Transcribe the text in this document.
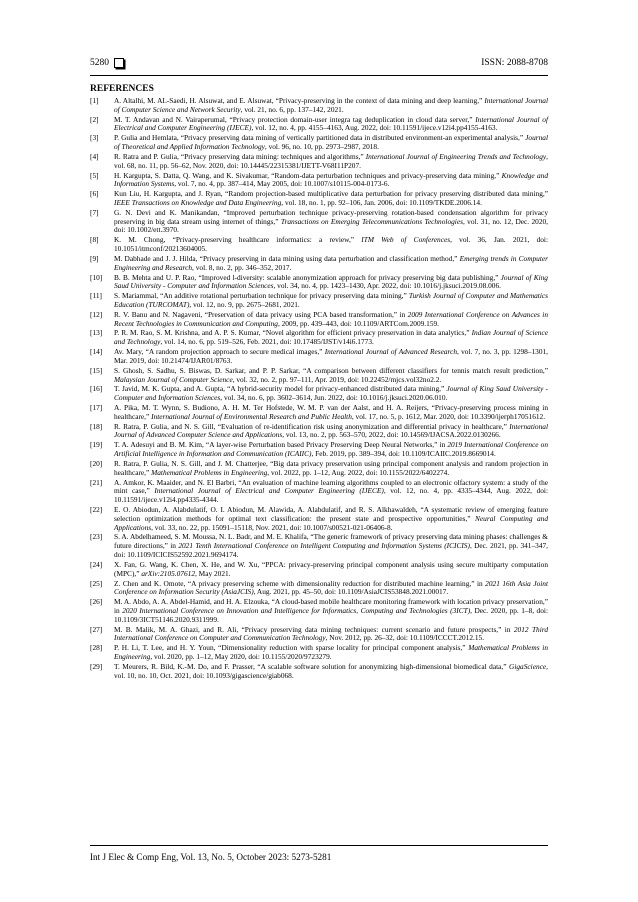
5280	ISSN: 2088-8708
REFERENCES
[1] A. Altalhi, M. AL-Saedi, H. Alsuwat, and E. Alsuwat, “Privacy-preserving in the context of data mining and deep learning,” International Journal of Computer Science and Network Security, vol. 21, no. 6, pp. 137–142, 2021.
[2] M. T. Andavan and N. Vairaperumal, “Privacy protection domain-user integra tag deduplication in cloud data server,” International Journal of Electrical and Computer Engineering (IJECE), vol. 12, no. 4, pp. 4155–4163, Aug. 2022, doi: 10.11591/ijece.v12i4.pp4155-4163.
[3] P. Gulia and Hemlata, “Privacy preserving data mining of vertically partitioned data in distributed environment-an experimental analysis,” Journal of Theoretical and Applied Information Technology, vol. 96, no. 10, pp. 2973–2987, 2018.
[4] R. Ratra and P. Gulia, “Privacy preserving data mining: techniques and algorithms,” International Journal of Engineering Trends and Technology, vol. 68, no. 11, pp. 56–62, Nov. 2020, doi: 10.14445/22315381/IJETT-V68I11P207.
[5] H. Kargupta, S. Datta, Q. Wang, and K. Sivakumar, “Random-data perturbation techniques and privacy-preserving data mining,” Knowledge and Information Systems, vol. 7, no. 4, pp. 387–414, May 2005, doi: 10.1007/s10115-004-0173-6.
[6] Kun Liu, H. Kargupta, and J. Ryan, “Random projection-based multiplicative data perturbation for privacy preserving distributed data mining,” IEEE Transactions on Knowledge and Data Engineering, vol. 18, no. 1, pp. 92–106, Jan. 2006, doi: 10.1109/TKDE.2006.14.
[7] G. N. Devi and K. Manikandan, “Improved perturbation technique privacy-preserving rotation-based condensation algorithm for privacy preserving in big data stream using internet of things,” Transactions on Emerging Telecommunications Technologies, vol. 31, no. 12, Dec. 2020, doi: 10.1002/ett.3970.
[8] K. M. Chong, “Privacy-preserving healthcare informatics: a review,” ITM Web of Conferences, vol. 36, Jan. 2021, doi: 10.1051/itmconf/20213604005.
[9] M. Dabhade and J. J. Hilda, “Privacy preserving in data mining using data perturbation and classification method,” Emerging trends in Computer Engineering and Research, vol. 8, no. 2, pp. 346–352, 2017.
[10] B. B. Mehta and U. P. Rao, “Improved l-diversity: scalable anonymization approach for privacy preserving big data publishing,” Journal of King Saud University - Computer and Information Sciences, vol. 34, no. 4, pp. 1423–1430, Apr. 2022, doi: 10.1016/j.jksuci.2019.08.006.
[11] S. Mariammal, “An additive rotational perturbation technique for privacy preserving data mining,” Turkish Journal of Computer and Mathematics Education (TURCOMAT), vol. 12, no. 9, pp. 2675–2681, 2021.
[12] R. V. Banu and N. Nagaveni, “Preservation of data privacy using PCA based transformation,” in 2009 International Conference on Advances in Recent Technologies in Communication and Computing, 2009, pp. 439–443, doi: 10.1109/ARTCom.2009.159.
[13] P. R. M. Rao, S. M. Krishna, and A. P. S. Kumar, “Novel algorithm for efficient privacy preservation in data analytics,” Indian Journal of Science and Technology, vol. 14, no. 6, pp. 519–526, Feb. 2021, doi: 10.17485/IJST/v14i6.1773.
[14] Av. Mary, “A random projection approach to secure medical images,” International Journal of Advanced Research, vol. 7, no. 3, pp. 1298–1301, Mar. 2019, doi: 10.21474/IJAR01/8763.
[15] S. Ghosh, S. Sadhu, S. Biswas, D. Sarkar, and P. P. Sarkar, “A comparison between different classifiers for tennis match result prediction,” Malaysian Journal of Computer Science, vol. 32, no. 2, pp. 97–111, Apr. 2019, doi: 10.22452/mjcs.vol32no2.2.
[16] T. Javid, M. K. Gupta, and A. Gupta, “A hybrid-security model for privacy-enhanced distributed data mining,” Journal of King Saud University - Computer and Information Sciences, vol. 34, no. 6, pp. 3602–3614, Jun. 2022, doi: 10.1016/j.jksuci.2020.06.010.
[17] A. Pika, M. T. Wynn, S. Budiono, A. H. M. Ter Hofstede, W. M. P. van der Aalst, and H. A. Reijers, “Privacy-preserving process mining in healthcare,” International Journal of Environmental Research and Public Health, vol. 17, no. 5, p. 1612, Mar. 2020, doi: 10.3390/ijerph17051612.
[18] R. Ratra, P. Gulia, and N. S. Gill, “Evaluation of re-identification risk using anonymization and differential privacy in healthcare,” International Journal of Advanced Computer Science and Applications, vol. 13, no. 2, pp. 563–570, 2022, doi: 10.14569/IJACSA.2022.0130266.
[19] T. A. Adesuyi and B. M. Kim, “A layer-wise Perturbation based Privacy Preserving Deep Neural Networks,” in 2019 International Conference on Artificial Intelligence in Information and Communication (ICAIIC), Feb. 2019, pp. 389–394, doi: 10.1109/ICAIIC.2019.8669014.
[20] R. Ratra, P. Gulia, N. S. Gill, and J. M. Chatterjee, “Big data privacy preservation using principal component analysis and random projection in healthcare,” Mathematical Problems in Engineering, vol. 2022, pp. 1–12, Aug. 2022, doi: 10.1155/2022/6402274.
[21] A. Amkor, K. Maaider, and N. El Barbri, “An evaluation of machine learning algorithms coupled to an electronic olfactory system: a study of the mint case,” International Journal of Electrical and Computer Engineering (IJECE), vol. 12, no. 4, pp. 4335–4344, Aug. 2022, doi: 10.11591/ijece.v12i4.pp4335-4344.
[22] E. O. Abiodun, A. Alabdulatif, O. I. Abiodun, M. Alawida, A. Alabdulatif, and R. S. Alkhawaldeh, “A systematic review of emerging feature selection optimization methods for optimal text classification: the present state and prospective opportunities,” Neural Computing and Applications, vol. 33, no. 22, pp. 15091–15118, Nov. 2021, doi: 10.1007/s00521-021-06406-8.
[23] S. A. Abdelhameed, S. M. Moussa, N. L. Badr, and M. E. Khalifa, “The generic framework of privacy preserving data mining phases: challenges & future directions,” in 2021 Tenth International Conference on Intelligent Computing and Information Systems (ICICIS), Dec. 2021, pp. 341–347, doi: 10.1109/ICICIS52592.2021.9694174.
[24] X. Fan, G. Wang, K. Chen, X. He, and W. Xu, “PPCA: privacy-preserving principal component analysis using secure multiparty computation (MPC),” arXiv:2105.07612, May 2021.
[25] Z. Chen and K. Omote, “A privacy preserving scheme with dimensionality reduction for distributed machine learning,” in 2021 16th Asia Joint Conference on Information Security (AsiaJCIS), Aug. 2021, pp. 45–50, doi: 10.1109/AsiaJCIS53848.2021.00017.
[26] M. A. Abdo, A. A. Abdel-Hamid, and H. A. Elzouka, “A cloud-based mobile healthcare monitoring framework with location privacy preservation,” in 2020 International Conference on Innovation and Intelligence for Informatics, Computing and Technologies (3ICT), Dec. 2020, pp. 1–8, doi: 10.1109/3ICT51146.2020.9311999.
[27] M. B. Malik, M. A. Ghazi, and R. Ali, “Privacy preserving data mining techniques: current scenario and future prospects,” in 2012 Third International Conference on Computer and Communication Technology, Nov. 2012, pp. 26–32, doi: 10.1109/ICCCT.2012.15.
[28] P. H. Li, T. Lee, and H. Y. Youn, “Dimensionality reduction with sparse locality for principal component analysis,” Mathematical Problems in Engineering, vol. 2020, pp. 1–12, May 2020, doi: 10.1155/2020/9723279.
[29] T. Meurers, R. Bild, K.-M. Do, and F. Prasser, “A scalable software solution for anonymizing high-dimensional biomedical data,” GigaScience, vol. 10, no. 10, Oct. 2021, doi: 10.1093/gigascience/giab068.
Int J Elec & Comp Eng, Vol. 13, No. 5, October 2023: 5273-5281
